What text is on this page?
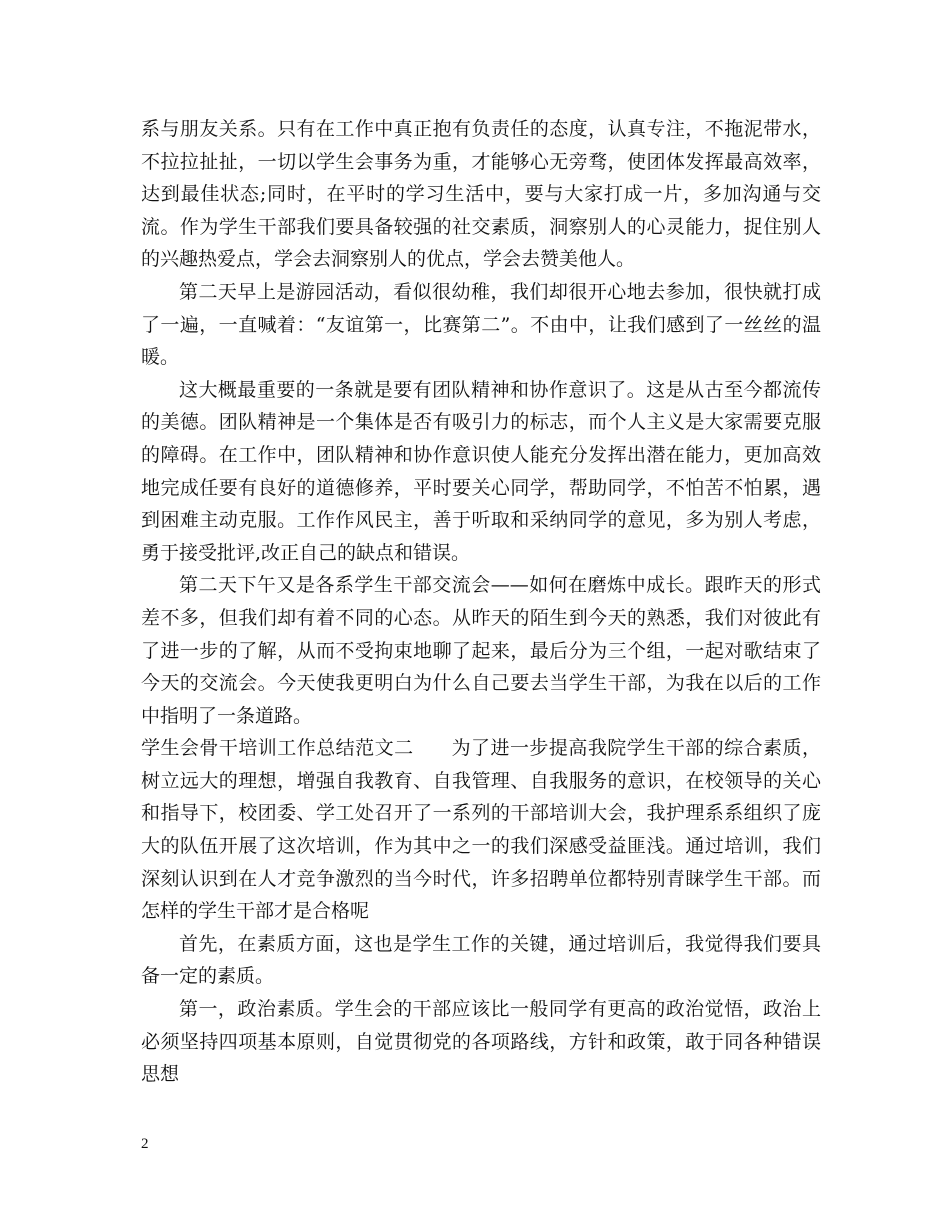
系与朋友关系。只有在工作中真正抱有负责任的态度，认真专注，不拖泥带水，不拉拉扯扯，一切以学生会事务为重，才能够心无旁骛，使团体发挥最高效率，达到最佳状态;同时，在平时的学习生活中，要与大家打成一片，多加沟通与交流。作为学生干部我们要具备较强的社交素质，洞察别人的心灵能力，捉住别人的兴趣热爱点，学会去洞察别人的优点，学会去赞美他人。

第二天早上是游园活动，看似很幼稚，我们却很开心地去参加，很快就打成了一遍，一直喊着：“友谊第一，比赛第二”。不由中，让我们感到了一丝丝的温暖。

这大概最重要的一条就是要有团队精神和协作意识了。这是从古至今都流传的美德。团队精神是一个集体是否有吸引力的标志，而个人主义是大家需要克服的障碍。在工作中，团队精神和协作意识使人能充分发挥出潜在能力，更加高效地完成任要有良好的道德修养，平时要关心同学，帮助同学，不怕苦不怕累，遇到困难主动克服。工作作风民主，善于听取和采纳同学的意见，多为别人考虑，勇于接受批评,改正自己的缺点和错误。

第二天下午又是各系学生干部交流会——如何在磨炼中成长。跟昨天的形式差不多，但我们却有着不同的心态。从昨天的陌生到今天的熟悉，我们对彼此有了进一步的了解，从而不受拘束地聊了起来，最后分为三个组，一起对歌结束了今天的交流会。今天使我更明白为什么自己要去当学生干部，为我在以后的工作中指明了一条道路。

学生会骨干培训工作总结范文二 为了进一步提高我院学生干部的综合素质，树立远大的理想，增强自我教育、自我管理、自我服务的意识，在校领导的关心和指导下，校团委、学工处召开了一系列的干部培训大会，我护理系系组织了庞大的队伍开展了这次培训，作为其中之一的我们深感受益匪浅。通过培训，我们深刻认识到在人才竞争激烈的当今时代，许多招聘单位都特别青睐学生干部。而怎样的学生干部才是合格呢

首先，在素质方面，这也是学生工作的关键，通过培训后，我觉得我们要具备一定的素质。

第一，政治素质。学生会的干部应该比一般同学有更高的政治觉悟，政治上必须坚持四项基本原则，自觉贯彻党的各项路线，方针和政策，敢于同各种错误思想

2
